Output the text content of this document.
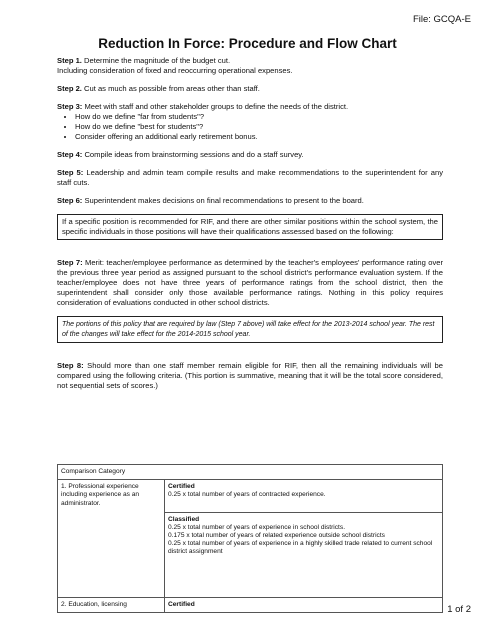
File: GCQA-E
Reduction In Force: Procedure and Flow Chart

Step 1. Determine the magnitude of the budget cut.
Including consideration of fixed and reoccurring operational expenses.

Step 2. Cut as much as possible from areas other than staff.

Step 3: Meet with staff and other stakeholder groups to define the needs of the district.

• How do we define "far from students"?
• How do we define "best for students"?
• Consider offering an additional early retirement bonus.

Step 4: Compile ideas from brainstorming sessions and do a staff survey.

Step 5: Leadership and admin team compile results and make recommendations to the superintendent for any staff cuts.

Step 6: Superintendent makes decisions on final recommendations to present to the board.

If a specific position is recommended for RIF, and there are other similar positions within the school system, the specific individuals in those positions will have their qualifications assessed based on the following:

Step 7: Merit: teacher/employee performance as determined by the teacher's employees' performance rating over the previous three year period as assigned pursuant to the school district's performance evaluation system. If the teacher/employee does not have three years of performance ratings from the school district, then the superintendent shall consider only those available performance ratings. Nothing in this policy requires consideration of evaluations conducted in other school districts.

The portions of this policy that are required by law (Step 7 above) will take effect for the 2013-2014 school year. The rest of the changes will take effect for the 2014-2015 school year.

Step 8: Should more than one staff member remain eligible for RIF, then all the remaining individuals will be compared using the following criteria. (This portion is summative, meaning that it will be the total score considered, not sequential sets of scores.)

Comparison Category	
1. Professional experience including experience as an administrator.	Certified
0.25 x total number of years of contracted experience.
	Classified
0.25 x total number of years of experience in school districts.
0.175 x total number of years of related experience outside school districts
0.25 x total number of years of experience in a highly skilled trade related to current school district assignment
2. Education, licensing	Certified	1 of 2
